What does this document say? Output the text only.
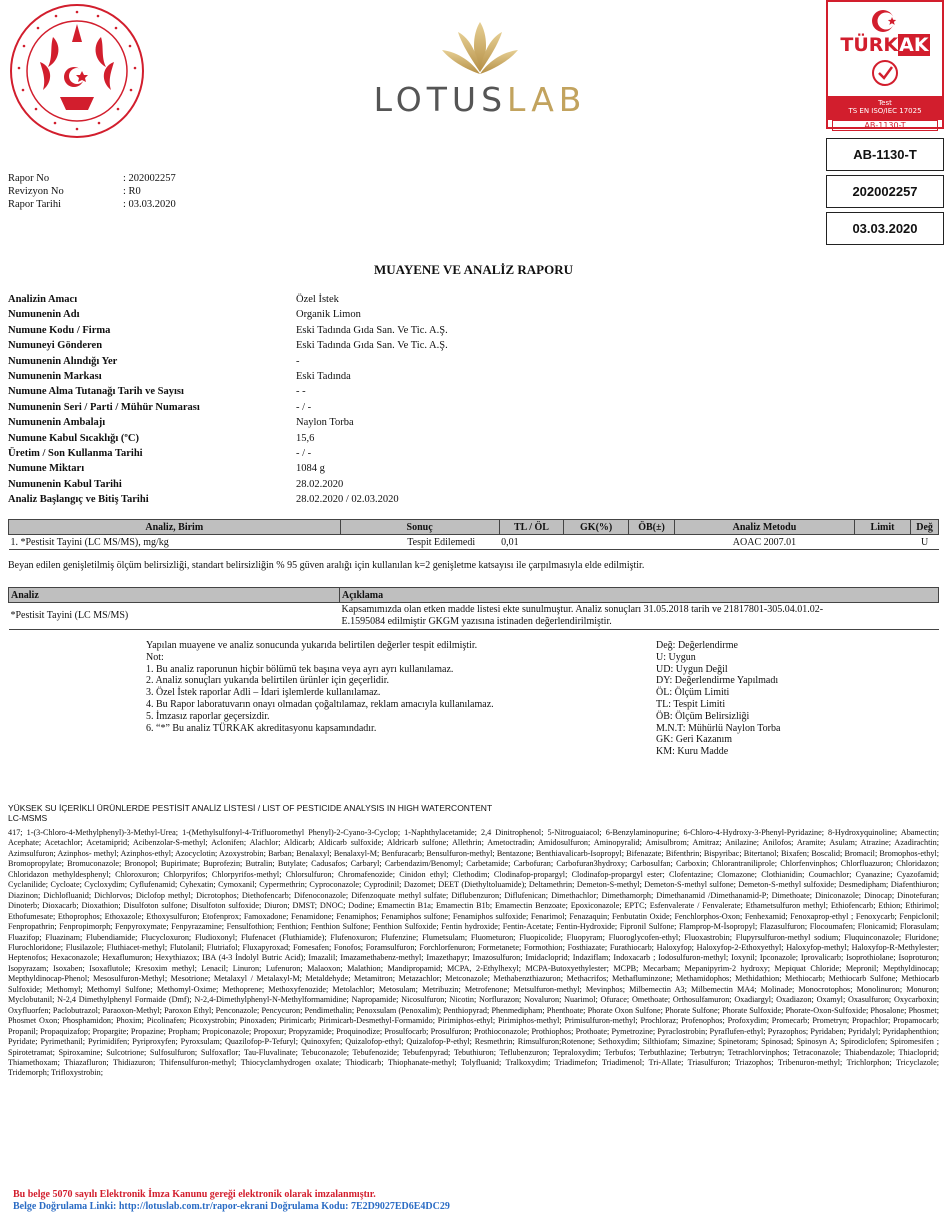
LOTUSLAB
TÜRKAK
Test
TS EN ISO/IEC 17025
AB-1130-T
AB-1130-T
202002257
03.03.2020
Rapor No	: 202002257
Revizyon No	: R0
Rapor Tarihi	: 03.03.2020
MUAYENE VE ANALİZ RAPORU
Analizin Amacı	Özel İstek
Numunenin Adı	Organik Limon
Numune Kodu / Firma	Eski Tadında Gıda San. Ve Tic. A.Ş.
Numuneyi Gönderen	Eski Tadında Gıda San. Ve Tic. A.Ş.
Numunenin Alındığı Yer	-
Numunenin Markası	Eski Tadında
Numune Alma Tutanağı Tarih ve Sayısı	- -
Numunenin Seri / Parti / Mühür Numarası	- / -
Numunenin Ambalajı	Naylon Torba
Numune Kabul Sıcaklığı (ºC)	15,6
Üretim / Son Kullanma Tarihi	- / -
Numune Miktarı	1084 g
Numunenin Kabul Tarihi	28.02.2020
Analiz Başlangıç ve Bitiş Tarihi	28.02.2020 / 02.03.2020
Analiz, Birim	Sonuç	TL / ÖL	GK(%)	ÖB(±)	Analiz Metodu	Limit	Değ
1. *Pestisit Tayini (LC MS/MS), mg/kg	Tespit Edilemedi	0,01			AOAC 2007.01		U
Beyan edilen genişletilmiş ölçüm belirsizliği, standart belirsizliğin % 95 güven aralığı için kullanılan k=2 genişletme katsayısı ile çarpılmasıyla elde edilmiştir.
Analiz	Açıklama
*Pestisit Tayini (LC MS/MS)	Kapsamımızda olan etken madde listesi ekte sunulmuştur. Analiz sonuçları 31.05.2018 tarih ve 21817801-305.04.01.02-
E.1595084 edilmiştir GKGM yazısına istinaden değerlendirilmiştir.
Yapılan muayene ve analiz sonucunda yukarıda belirtilen değerler tespit edilmiştir.
Not:
1. Bu analiz raporunun hiçbir bölümü tek başına veya ayrı ayrı kullanılamaz.
2. Analiz sonuçları yukarıda belirtilen ürünler için geçerlidir.
3. Özel İstek raporlar Adli – İdari işlemlerde kullanılamaz.
4. Bu Rapor laboratuvarın onayı olmadan çoğaltılamaz, reklam amacıyla kullanılamaz.
5. İmzasız raporlar geçersizdir.
6. “*” Bu analiz TÜRKAK akreditasyonu kapsamındadır.
Değ: Değerlendirme
U: Uygun
UD: Uygun Değil
DY: Değerlendirme Yapılmadı
ÖL: Ölçüm Limiti
TL: Tespit Limiti
ÖB: Ölçüm Belirsizliği
M.N.T: Mühürlü Naylon Torba
GK: Geri Kazanım
KM: Kuru Madde
YÜKSEK SU İÇERİKLİ ÜRÜNLERDE PESTİSİT ANALİZ LİSTESİ / LIST OF PESTICIDE ANALYSIS IN HIGH WATERCONTENT
LC-MSMS
417; 1-(3-Chloro-4-Methylphenyl)-3-Methyl-Urea; 1-(Methylsulfonyl-4-Trifluoromethyl Phenyl)-2-Cyano-3-Cyclop; 1-Naphthylacetamide; 2,4 Dinitrophenol; 5-Nitroguaiacol; 6-Benzylaminopurine; 6-Chloro-4-Hydroxy-3-Phenyl-Pyridazine; 8-Hydroxyquinoline; Abamectin; Acephate; Acetachlor; Acetamiprid; Acibenzolar-S-methyl; Aclonifen; Alachlor; Aldicarb; Aldicarb sulfoxide; Aldricarb sulfone; Allethrin; Ametoctradin; Amidosulfuron; Aminopyralid; Amisulbrom; Amitraz; Anilazine; Anilofos; Aramite; Asulam; Atrazine; Azadirachtin; Azimsulfuron; Azinphos- methyl; Azinphos-ethyl; Azocyclotin; Azoxystrobin; Barban; Benalaxyl; Benalaxyl-M; Benfuracarb; Bensulfuron-methyl; Bentazone; Benthiavalicarb-Isopropyl; Bifenazate; Bifenthrin; Bispyribac; Bitertanol; Bixafen; Boscalid; Bromacil; Bromophos-ethyl; Bromopropylate; Bromuconazole; Bronopol; Bupirimate; Buprofezin; Butralin; Butylate; Cadusafos; Carbaryl; Carbendazim/Benomyl; Carbetamide; Carbofuran; Carbofuran3hydroxy; Carbosulfan; Carboxin; Chlorantraniliprole; Chlorfenvinphos; Chlorfluazuron; Chloridazon; Chloridazon methyldesphenyl; Chloroxuron; Chlorpyrifos; Chlorpyrifos-methyl; Chlorsulfuron; Chromafenozide; Cinidon ethyl; Clethodim; Clodinafop-propargyl; Clodinafop-propargyl ester; Clofentazine; Clomazone; Clothianidin; Coumachlor; Cyanazine; Cyazofamid; Cyclanilide; Cycloate; Cycloxydim; Cyflufenamid; Cyhexatin; Cymoxanil; Cypermethrin; Cyproconazole; Cyprodinil; Dazomet; DEET (Diethyltoluamide); Deltamethrin; Demeton-S-methyl; Demeton-S-methyl sulfone; Demeton-S-methyl sulfoxide; Desmedipham; Diafenthiuron; Diazinon; Dichlofluanid; Dichlorvos; Diclofop methyl; Dicrotophos; Diethofencarb; Difenoconazole; Difenzoquate methyl sulfate; Diflubenzuron; Diflufenican; Dimethachlor; Dimethamorph; Dimethanamid /Dimethanamid-P; Dimethoate; Diniconazole; Dinocap; Dinotefuran; Dinoterb; Dioxacarb; Dioxathion; Disulfoton sulfone; Disulfoton sulfoxide; Diuron; DMST; DNOC; Dodine; Emamectin B1a; Emamectin B1b; Emamectin Benzoate; Epoxiconazole; EPTC; Esfenvalerate / Fenvalerate; Ethametsulfuron methyl; Ethiofencarb; Ethion; Ethirimol; Ethofumesate; Ethoprophos; Ethoxazole; Ethoxysulfuron; Etofenprox; Famoxadone; Fenamidone; Fenamiphos; Fenamiphos sulfone; Fenamiphos sulfoxide; Fenarimol; Fenazaquin; Fenbutatin Oxide; Fenchlorphos-Oxon; Fenhexamid; Fenoxaprop-ethyl ; Fenoxycarb; Fenpiclonil; Fenpropathrin; Fenpropimorph; Fenpyroxymate; Fenpyrazamine; Fensulfothion; Fenthion; Fenthion Sulfone; Fenthion Sulfoxide; Fentin hydroxide; Fentin-Acetate; Fentin-Hydroxide; Fipronil Sulfone; Flamprop-M-İsopropyl; Flazasulfuron; Flocoumafen; Flonicamid; Florasulam; Fluazifop; Fluazinam; Flubendiamide; Flucycloxuron; Fludioxonyl; Flufenacet (Fluthiamide); Flufenoxuron; Flufenzine; Flumetsulam; Fluometuron; Fluopicolide; Fluopyram; Fluoroglycofen-ethyl; Fluoxastrobin; Flupyrsulfuron-methyl sodium; Fluquinconazole; Fluridone; Flurochloridone; Flusilazole; Fluthiacet-methyl; Flutolanil; Flutriafol; Fluxapyroxad; Fomesafen; Fonofos; Foramsulfuron; Forchlorfenuron; Formetanete; Formothion; Fosthiazate; Furathiocarb; Haloxyfop; Haloxyfop-2-Ethoxyethyl; Haloxyfop-methyl; Haloxyfop-R-Methylester; Heptenofos; Hexaconazole; Hexaflumuron; Hexythiazox; IBA (4-3 İndolyl Butric Acid); Imazalil; Imazamethabenz-methyl; Imazethapyr; Imazosulfuron; Imidacloprid; Indaziflam; Indoxacarb ; Iodosulfuron-methyl; Ioxynil; Ipconazole; Iprovalicarb; Isoprothiolane; Isoproturon; Isopyrazam; Isoxaben; Isoxaflutole; Kresoxim methyl; Lenacil; Linuron; Lufenuron; Malaoxon; Malathion; Mandipropamid; MCPA, 2-Ethylhexyl; MCPA-Butoxyethylester; MCPB; Mecarbam; Mepanipyrim-2 hydroxy; Mepiquat Chloride; Mepronil; Mepthyldinocap; Mepthyldinocap-Phenol; Mesosulfuron-Methyl; Mesotrione; Metalaxyl / Metalaxyl-M; Metaldehyde; Metamitron; Metazachlor; Metconazole; Methabenzthiazuron; Methacrifos; Methafluminzone; Methamidophos; Methidathion; Methiocarb; Methiocarb Sulfone; Methiocarb Sulfoxide; Methomyl; Methomyl Sulfone; Methomyl-Oxime; Methoprene; Methoxyfenozide; Metolachlor; Metosulam; Metribuzin; Metrofenone; Metsulfuron-methyl; Mevinphos; Milbemectin A3; Milbemectin MA4; Molinade; Monocrotophos; Monolinuron; Monuron; Myclobutanil; N-2,4 Dimethylphenyl Formaide (Dmf); N-2,4-Dimethylphenyl-N-Methylformamidine; Napropamide; Nicosulfuron; Nicotin; Norflurazon; Novaluron; Nuarimol; Ofurace; Omethoate; Orthosulfamuron; Oxadiargyl; Oxadiazon; Oxamyl; Oxasulfuron; Oxycarboxin; Oxyfluorfen; Paclobutrazol; Paraoxon-Methyl; Paroxon Ethyl; Penconazole; Pencycuron; Pendimethalin; Penoxsulam (Penoxalim); Penthiopyrad; Phenmedipham; Phenthoate; Phorate Oxon Sulfone; Phorate Sulfone; Phorate Sulfoxide; Phorate-Oxon-Sulfoxide; Phosalone; Phosmet; Phosmet Oxon; Phosphamidon; Phoxim; Picolinafen; Picoxystrobin; Pinoxaden; Pirimicarb; Pirimicarb-Desmethyl-Formamido; Pirimiphos-ethyl; Pirimiphos-methyl; Primisulfuron-methyl; Prochloraz; Profenophos; Profoxydim; Promecarb; Prometryn; Propachlor; Propamocarb; Propanil; Propaquizafop; Propargite; Propazine; Propham; Propiconazole; Propoxur; Propyzamide; Proquinodize; Prosulfocarb; Prosulfuron; Prothioconazole; Prothiophos; Prothoate; Pymetrozine; Pyraclostrobin; Pyraflufen-ethyl; Pyrazophos; Pyridaben; Pyridalyl; Pyridaphenthion; Pyridate; Pyrimethanil; Pyrimidifen; Pyriproxyfen; Pyroxsulam; Quazilofop-P-Tefuryl; Quinoxyfen; Quizalofop-ethyl; Quizalofop-P-ethyl; Resmethrin; Rimsulfuron;Rotenone; Sethoxydim; Silthiofam; Simazine; Spinetoram; Spinosad; Spinosyn A; Spirodiclofen; Spiromesifen ; Spirotetramat; Spiroxamine; Sulcotrione; Sulfosulfuron; Sulfoxaflor; Tau-Fluvalinate; Tebuconazole; Tebufenozide; Tebufenpyrad; Tebuthiuron; Teflubenzuron; Tepraloxydim; Terbufos; Terbuthlazine; Terbutryn; Tetrachlorvinphos; Tetraconazole; Thiabendazole; Thiacloprid; Thiamethoxam; Thiazafluron; Thidiazuron; Thifensulfuron-methyl; Thiocyclamhydrogen oxalate; Thiodicarb; Thiophanate-methyl; Tolyfluanid; Tralkoxydim; Triadimefon; Triadimenol; Tri-Allate; Triasulfuron; Triazophos; Tribenuron-methyl; Trichlorphon; Tricyclazole; Tridemorph; Trifloxystrobin;
Bu belge 5070 sayılı Elektronik İmza Kanunu gereği elektronik olarak imzalanmıştır.
Belge Doğrulama Linki: http://lotuslab.com.tr/rapor-ekrani Doğrulama Kodu: 7E2D9027ED6E4DC29
